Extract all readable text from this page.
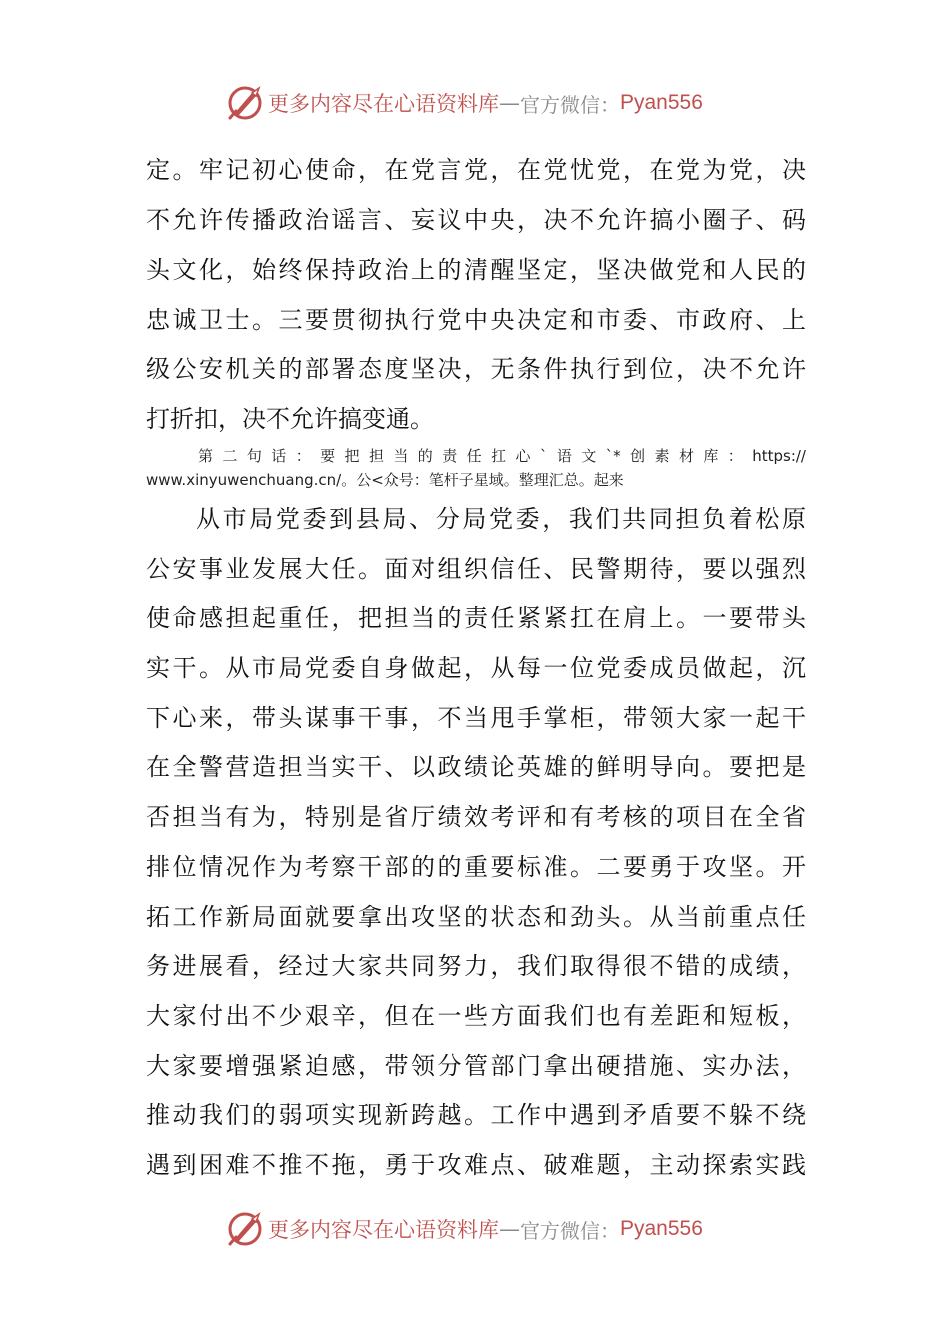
更多内容尽在心语资料库 — 官方微信： Pyan556
定。牢记初心使命，在党言党，在党忧党，在党为党，决
不允许传播政治谣言、妄议中央，决不允许搞小圈子、码
头文化，始终保持政治上的清醒坚定，坚决做党和人民的
忠诚卫士。三要贯彻执行党中央决定和市委、市政府、上
级公安机关的部署态度坚决，无条件执行到位，决不允许
打折扣，决不允许搞变通。
第二句话：要把担当的责任扛心`语文`*创素材库：https://
www.xinyuwenchuang.cn/。公<众号：笔杆子星域。整理汇总。起来
从市局党委到县局、分局党委，我们共同担负着松原
公安事业发展大任。面对组织信任、民警期待，要以强烈
使命感担起重任，把担当的责任紧紧扛在肩上。一要带头
实干。从市局党委自身做起，从每一位党委成员做起，沉
下心来，带头谋事干事，不当甩手掌柜，带领大家一起干
在全警营造担当实干、以政绩论英雄的鲜明导向。要把是
否担当有为，特别是省厅绩效考评和有考核的项目在全省
排位情况作为考察干部的的重要标准。二要勇于攻坚。开
拓工作新局面就要拿出攻坚的状态和劲头。从当前重点任
务进展看，经过大家共同努力，我们取得很不错的成绩，
大家付出不少艰辛，但在一些方面我们也有差距和短板，
大家要增强紧迫感，带领分管部门拿出硬措施、实办法，
推动我们的弱项实现新跨越。工作中遇到矛盾要不躲不绕
遇到困难不推不拖，勇于攻难点、破难题，主动探索实践
更多内容尽在心语资料库 — 官方微信： Pyan556
